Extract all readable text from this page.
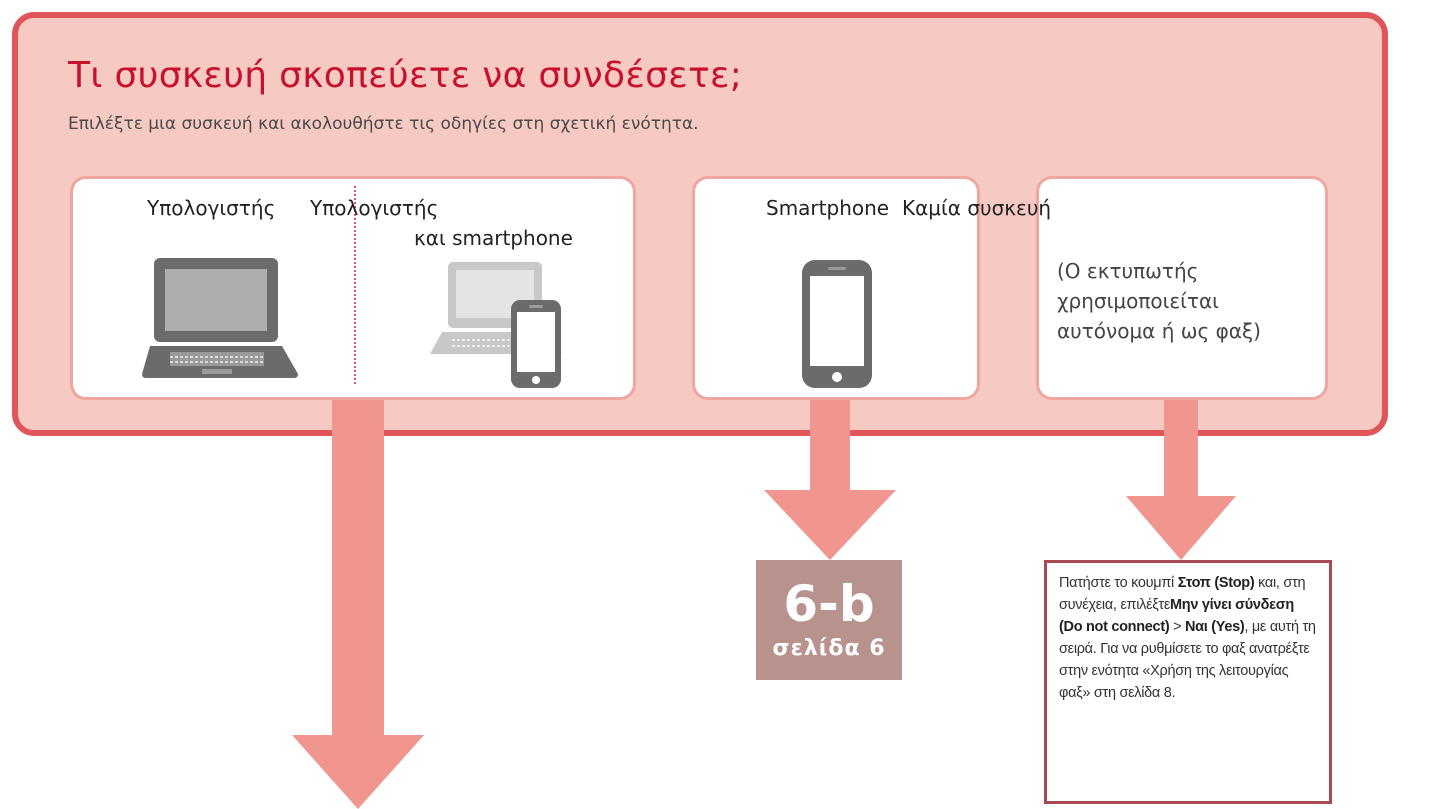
Τι συσκευή σκοπεύετε να συνδέσετε;
Επιλέξτε μια συσκευή και ακολουθήστε τις οδηγίες στη σχετική ενότητα.
Υπολογιστής Υπολογιστής
και smartphone
Smartphone Καμία συσκευή
(Ο εκτυπωτής χρησιμοποιείται αυτόνομα ή ως φαξ)
6-b
σελίδα 6
Πατήστε το κουμπί Στοπ (Stop) και, στη συνέχεια, επιλέξτεΜην γίνει σύνδεση (Do not connect) > Ναι (Yes), με αυτή τη σειρά. Για να ρυθμίσετε το φαξ ανατρέξτε στην ενότητα «Χρήση της λειτουργίας φαξ» στη σελίδα 8.
